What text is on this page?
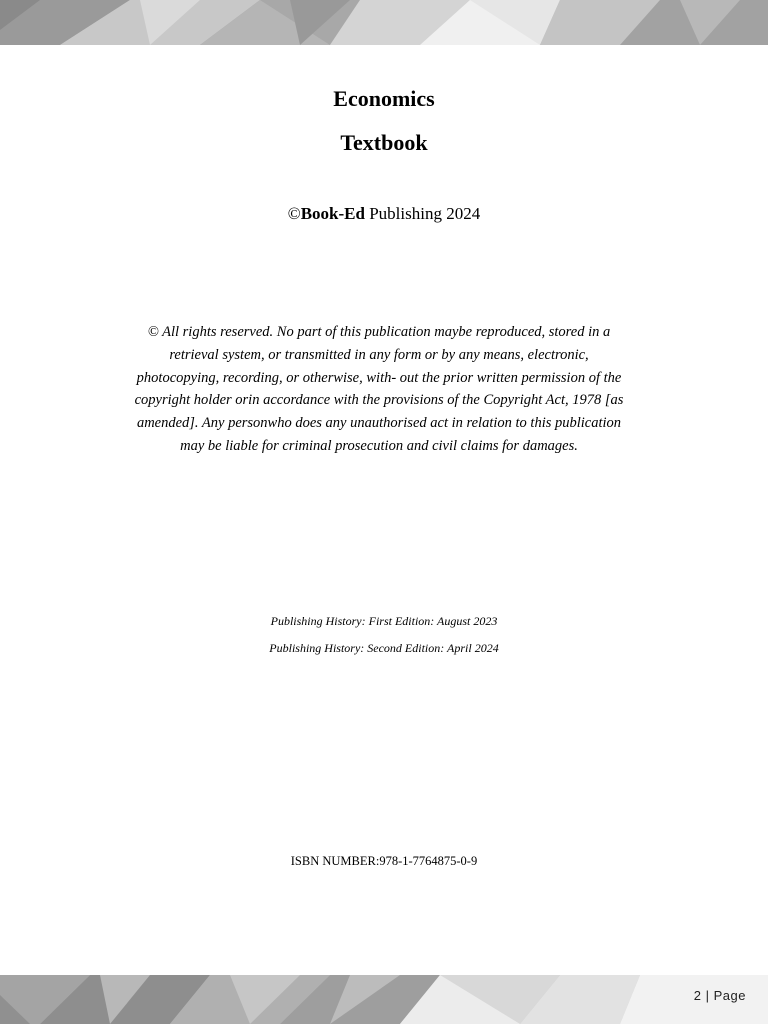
Economics
Textbook
©Book-Ed Publishing 2024
© All rights reserved. No part of this publication maybe reproduced, stored in a retrieval system, or transmitted in any form or by any means, electronic, photocopying, recording, or otherwise, with- out the prior written permission of the copyright holder orin accordance with the provisions of the Copyright Act, 1978 [as amended]. Any personwho does any unauthorised act in relation to this publication may be liable for criminal prosecution and civil claims for damages.
Publishing History: First Edition: August 2023
Publishing History: Second Edition: April 2024
ISBN NUMBER:978-1-7764875-0-9
2 | Page
